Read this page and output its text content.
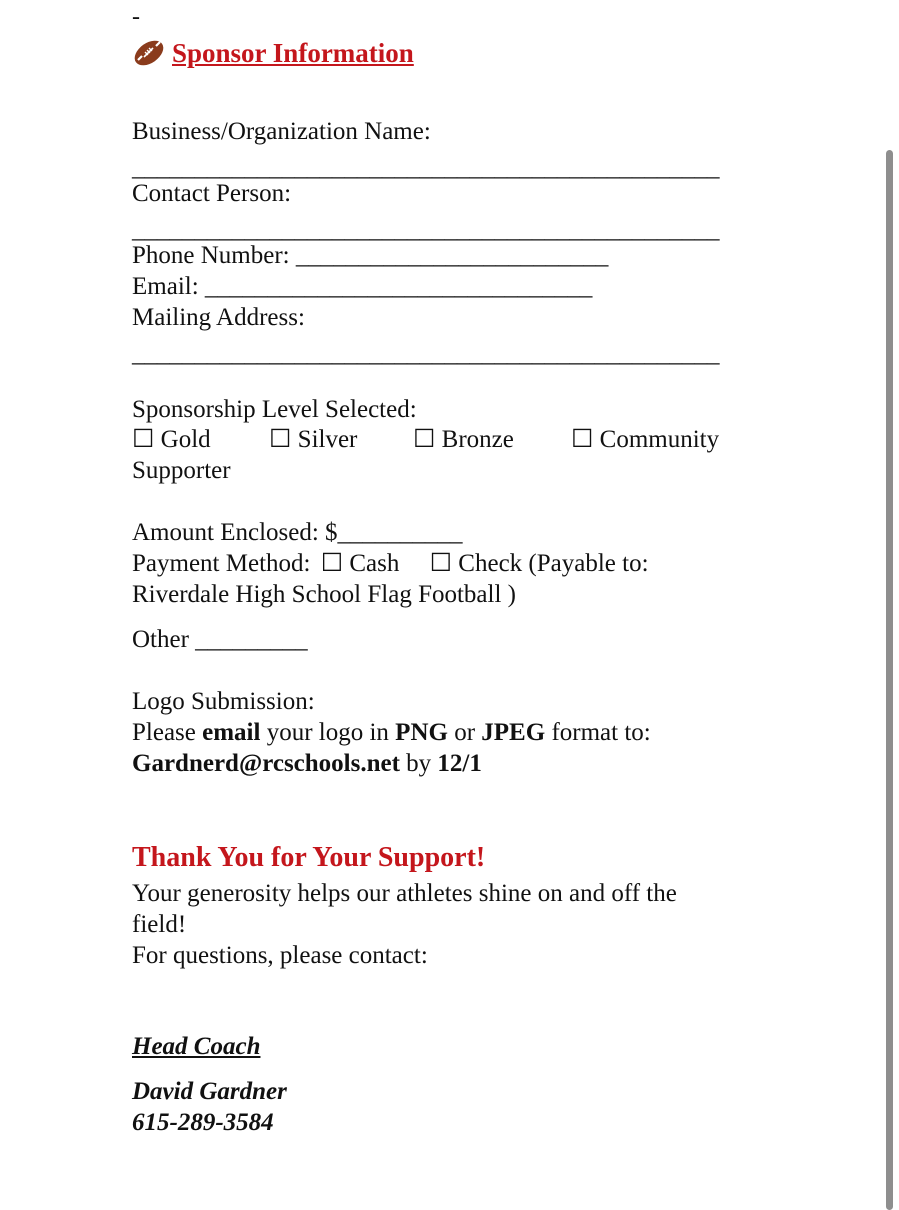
-
Sponsor Information
Business/Organization Name:
_______________________________________________
Contact Person:
_______________________________________________
Phone Number: _________________________
Email: _______________________________
Mailing Address:
_______________________________________________
Sponsorship Level Selected:
☐ Gold ☐ Silver ☐ Bronze ☐ Community
Supporter
Amount Enclosed: $__________
Payment Method: ☐ Cash ☐ Check (Payable to:
Riverdale High School Flag Football )
Other _________
Logo Submission:
Please email your logo in PNG or JPEG format to:
Gardnerd@rcschools.net by 12/1
Thank You for Your Support!
Your generosity helps our athletes shine on and off the
field!
For questions, please contact:
Head Coach
David Gardner
615-289-3584
